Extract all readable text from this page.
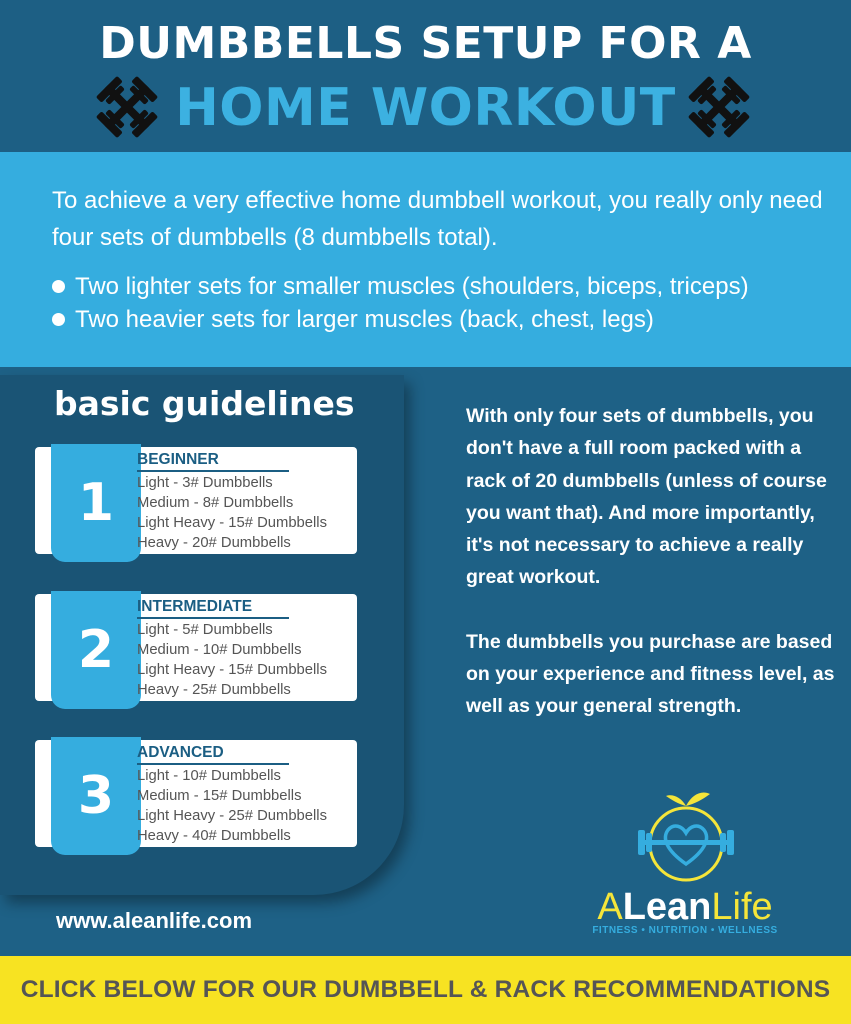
DUMBBELLS SETUP FOR A
HOME WORKOUT
To achieve a very effective home dumbbell workout, you really only need four sets of dumbbells (8 dumbbells total).
Two lighter sets for smaller muscles (shoulders, biceps, triceps)
Two heavier sets for larger muscles (back, chest, legs)
basic guidelines
1
BEGINNER
Light - 3# Dumbbells
Medium - 8# Dumbbells
Light Heavy - 15# Dumbbells
Heavy - 20# Dumbbells
2
INTERMEDIATE
Light - 5# Dumbbells
Medium - 10# Dumbbells
Light Heavy - 15# Dumbbells
Heavy - 25# Dumbbells
3
ADVANCED
Light - 10# Dumbbells
Medium - 15# Dumbbells
Light Heavy - 25# Dumbbells
Heavy - 40# Dumbbells
www.aleanlife.com

With only four sets of dumbbells, you don't have a full room packed with a rack of 20 dumbbells (unless of course you want that). And more importantly, it's not necessary to achieve a really great workout.

The dumbbells you purchase are based on your experience and fitness level, as well as your general strength.

ALeanLife
FITNESS • NUTRITION • WELLNESS
CLICK BELOW FOR OUR DUMBBELL & RACK RECOMMENDATIONS
